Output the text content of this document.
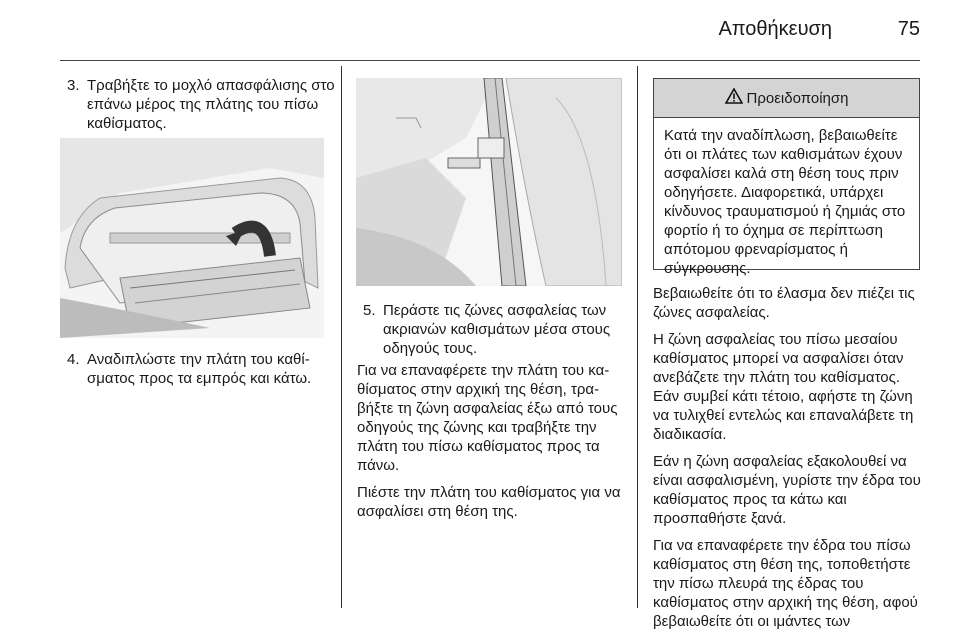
Αποθήκευση	75
3. Τραβήξτε το μοχλό απασφάλισης στο επάνω μέρος της πλάτης του πίσω καθίσματος.
4. Αναδιπλώστε την πλάτη του καθίσματος προς τα εμπρός και κάτω.
5. Περάστε τις ζώνες ασφαλείας των ακριανών καθισμάτων μέσα στους οδηγούς τους.

Για να επαναφέρετε την πλάτη του καθίσματος στην αρχική της θέση, τραβήξτε τη ζώνη ασφαλείας έξω από τους οδηγούς της ζώνης και τραβήξτε την πλάτη του πίσω καθίσματος προς τα πάνω.

Πιέστε την πλάτη του καθίσματος για να ασφαλίσει στη θέση της.

Προειδοποίηση
Κατά την αναδίπλωση, βεβαιωθείτε ότι οι πλάτες των καθισμάτων έχουν ασφαλίσει καλά στη θέση τους πριν οδηγήσετε. Διαφορετικά, υπάρχει κίνδυνος τραυματισμού ή ζημιάς στο φορτίο ή το όχημα σε περίπτωση απότομου φρεναρίσματος ή σύγκρουσης.

Βεβαιωθείτε ότι το έλασμα δεν πιέζει τις ζώνες ασφαλείας.

Η ζώνη ασφαλείας του πίσω μεσαίου καθίσματος μπορεί να ασφαλίσει όταν ανεβάζετε την πλάτη του καθίσματος. Εάν συμβεί κάτι τέτοιο, αφήστε τη ζώνη να τυλιχθεί εντελώς και επαναλάβετε τη διαδικασία.

Εάν η ζώνη ασφαλείας εξακολουθεί να είναι ασφαλισμένη, γυρίστε την έδρα του καθίσματος προς τα κάτω και προσπαθήστε ξανά.

Για να επαναφέρετε την έδρα του πίσω καθίσματος στη θέση της, τοποθετήστε την πίσω πλευρά της έδρας του καθίσματος στην αρχική της θέση, αφού βεβαιωθείτε ότι οι ιμάντες των
